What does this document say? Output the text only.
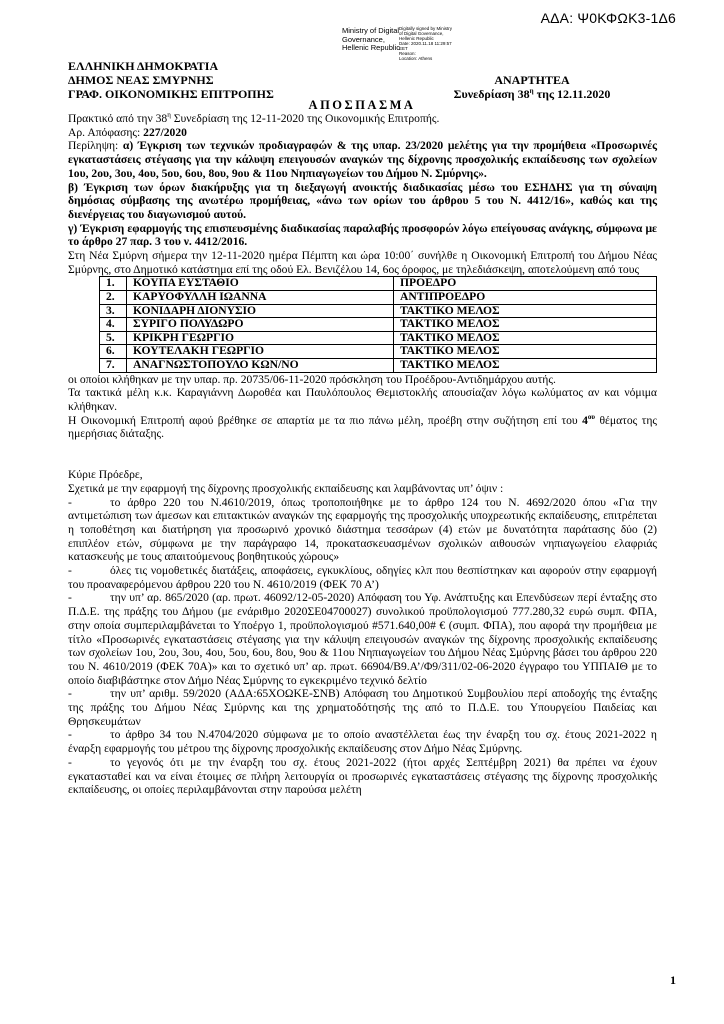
ΑΔΑ: Ψ0ΚΦΩΚ3-1Δ6
Ministry of Digital
Governance,
Hellenic Republic
Digitally signed by Ministry
of Digital Governance,
Hellenic Republic
Date: 2020.11.18 11:29:57
EET
Reason:
Location: Athens
ΕΛΛΗΝΙΚΗ ΔΗΜΟΚΡΑΤΙΑ
ΔΗΜΟΣ ΝΕΑΣ ΣΜΥΡΝΗΣ
ΓΡΑΦ. ΟΙΚΟΝΟΜΙΚΗΣ ΕΠΙΤΡΟΠΗΣ
ΑΝΑΡΤΗΤΕΑ
Συνεδρίαση $38^\eta$ της 12.11.2020
ΑΠΟΣΠΑΣΜΑ

Πρακτικό από την $38^\eta$ Συνεδρίαση της 12-11-2020 της Οικονομικής Επιτροπής.

Αρ. Απόφασης: 227/2020

Περίληψη: α) Έγκριση των τεχνικών προδιαγραφών & της υπαρ. 23/2020 μελέτης για την προμήθεια «Προσωρινές εγκαταστάσεις στέγασης για την κάλυψη επειγουσών αναγκών της δίχρονης προσχολικής εκπαίδευσης των σχολείων 1ου, 2ου, 3ου, 4ου, 5ου, 6ου, 8ου, 9ου & 11ου Νηπιαγωγείων του Δήμου Ν. Σμύρνης».

β) Έγκριση των όρων διακήρυξης για τη διεξαγωγή ανοικτής διαδικασίας μέσω του ΕΣΗΔΗΣ για τη σύναψη δημόσιας σύμβασης της ανωτέρω προμήθειας, «άνω των ορίων του άρθρου 5 του Ν. 4412/16», καθώς και της διενέργειας του διαγωνισμού αυτού.

γ) Έγκριση εφαρμογής της επισπευσμένης διαδικασίας παραλαβής προσφορών λόγω επείγουσας ανάγκης, σύμφωνα με το άρθρο 27 παρ. 3 του ν. 4412/2016.

Στη Νέα Σμύρνη σήμερα την 12-11-2020 ημέρα Πέμπτη και ώρα 10:00΄ συνήλθε η Οικονομική Επιτροπή του Δήμου Νέας Σμύρνης, στο Δημοτικό κατάστημα επί της οδού Ελ. Βενιζέλου 14, 6ος όροφος, με τηλεδιάσκεψη, αποτελούμενη από τους

1.	ΚΟΥΠΑ ΕΥΣΤΑΘΙΟ	ΠΡΟΕΔΡΟ
2.	ΚΑΡΥΟΦΥΛΛΗ ΙΩΑΝΝΑ	ΑΝΤΙΠΡΟΕΔΡΟ
3.	ΚΟΝΙΔΑΡΗ ΔΙΟΝΥΣΙΟ	ΤΑΚΤΙΚΟ ΜΕΛΟΣ
4.	ΣΥΡΙΓΟ ΠΟΛΥΔΩΡΟ	ΤΑΚΤΙΚΟ ΜΕΛΟΣ
5.	ΚΡΙΚΡΗ ΓΕΩΡΓΙΟ	ΤΑΚΤΙΚΟ ΜΕΛΟΣ
6.	ΚΟΥΤΕΛΑΚΗ ΓΕΩΡΓΙΟ	ΤΑΚΤΙΚΟ ΜΕΛΟΣ
7.	ΑΝΑΓΝΩΣΤΟΠΟΥΛΟ ΚΩΝ/ΝΟ	ΤΑΚΤΙΚΟ ΜΕΛΟΣ

οι οποίοι κλήθηκαν με την υπαρ. πρ. 20735/06-11-2020 πρόσκληση του Προέδρου-Αντιδημάρχου αυτής.

Τα τακτικά μέλη κ.κ. Καραγιάννη Δωροθέα και Παυλόπουλος Θεμιστοκλής απουσίαζαν λόγω κωλύματος αν και νόμιμα κλήθηκαν.

Η Οικονομική Επιτροπή αφού βρέθηκε σε απαρτία με τα πιο πάνω μέλη, προέβη στην συζήτηση επί του $4^{o\upsilon}$ θέματος της ημερήσιας διάταξης.

Κύριε Πρόεδρε,

Σχετικά με την εφαρμογή της δίχρονης προσχολικής εκπαίδευσης και λαμβάνοντας υπ’ όψιν :

-	το άρθρο 220 του Ν.4610/2019, όπως τροποποιήθηκε με το άρθρο 124 του Ν. 4692/2020 όπου «Για την αντιμετώπιση των άμεσων και επιτακτικών αναγκών της εφαρμογής της προσχολικής υποχρεωτικής εκπαίδευσης, επιτρέπεται η τοποθέτηση και διατήρηση για προσωρινό χρονικό διάστημα τεσσάρων (4) ετών με δυνατότητα παράτασης δύο (2) επιπλέον ετών, σύμφωνα με την παράγραφο 14, προκατασκευασμένων σχολικών αιθουσών νηπιαγωγείου ελαφριάς κατασκευής με τους απαιτούμενους βοηθητικούς χώρους»

-	όλες τις νομοθετικές διατάξεις, αποφάσεις, εγκυκλίους, οδηγίες κλπ που θεσπίστηκαν και αφορούν στην εφαρμογή του προαναφερόμενου άρθρου 220 του Ν. 4610/2019 (ΦΕΚ 70 Α’)

-	την υπ’ αρ. 865/2020 (αρ. πρωτ. 46092/12-05-2020) Απόφαση του Υφ. Ανάπτυξης και Επενδύσεων περί ένταξης στο Π.Δ.Ε. της πράξης του Δήμου (με ενάριθμο 2020ΣΕ04700027) συνολικού προϋπολογισμού 777.280,32 ευρώ συμπ. ΦΠΑ, στην οποία συμπεριλαμβάνεται το Υποέργο 1, προϋπολογισμού #571.640,00# € (συμπ. ΦΠΑ), που αφορά την προμήθεια με τίτλο «Προσωρινές εγκαταστάσεις στέγασης για την κάλυψη επειγουσών αναγκών της δίχρονης προσχολικής εκπαίδευσης των σχολείων 1ου, 2ου, 3ου, 4ου, 5ου, 6ου, 8ου, 9ου & 11ου Νηπιαγωγείων του Δήμου Νέας Σμύρνης βάσει του άρθρου 220 του Ν. 4610/2019 (ΦΕΚ 70Α)» και το σχετικό υπ’ αρ. πρωτ. 66904/Β9.Α’/Φ9/311/02-06-2020 έγγραφο του ΥΠΠΑΙΘ με το οποίο διαβιβάστηκε στον Δήμο Νέας Σμύρνης το εγκεκριμένο τεχνικό δελτίο

-	την υπ’ αριθμ. 59/2020 (ΑΔΑ:65ΧΟΩΚΕ-ΣΝΒ) Απόφαση του Δημοτικού Συμβουλίου περί αποδοχής της ένταξης της πράξης του Δήμου Νέας Σμύρνης και της χρηματοδότησής της από το Π.Δ.Ε. του Υπουργείου Παιδείας και Θρησκευμάτων

-	το άρθρο 34 του Ν.4704/2020 σύμφωνα με το οποίο αναστέλλεται έως την έναρξη του σχ. έτους 2021-2022 η έναρξη εφαρμογής του μέτρου της δίχρονης προσχολικής εκπαίδευσης στον Δήμο Νέας Σμύρνης.

-	το γεγονός ότι με την έναρξη του σχ. έτους 2021-2022 (ήτοι αρχές Σεπτέμβρη 2021) θα πρέπει να έχουν εγκατασταθεί και να είναι έτοιμες σε πλήρη λειτουργία οι προσωρινές εγκαταστάσεις στέγασης της δίχρονης προσχολικής εκπαίδευσης, οι οποίες περιλαμβάνονται στην παρούσα μελέτη

1
